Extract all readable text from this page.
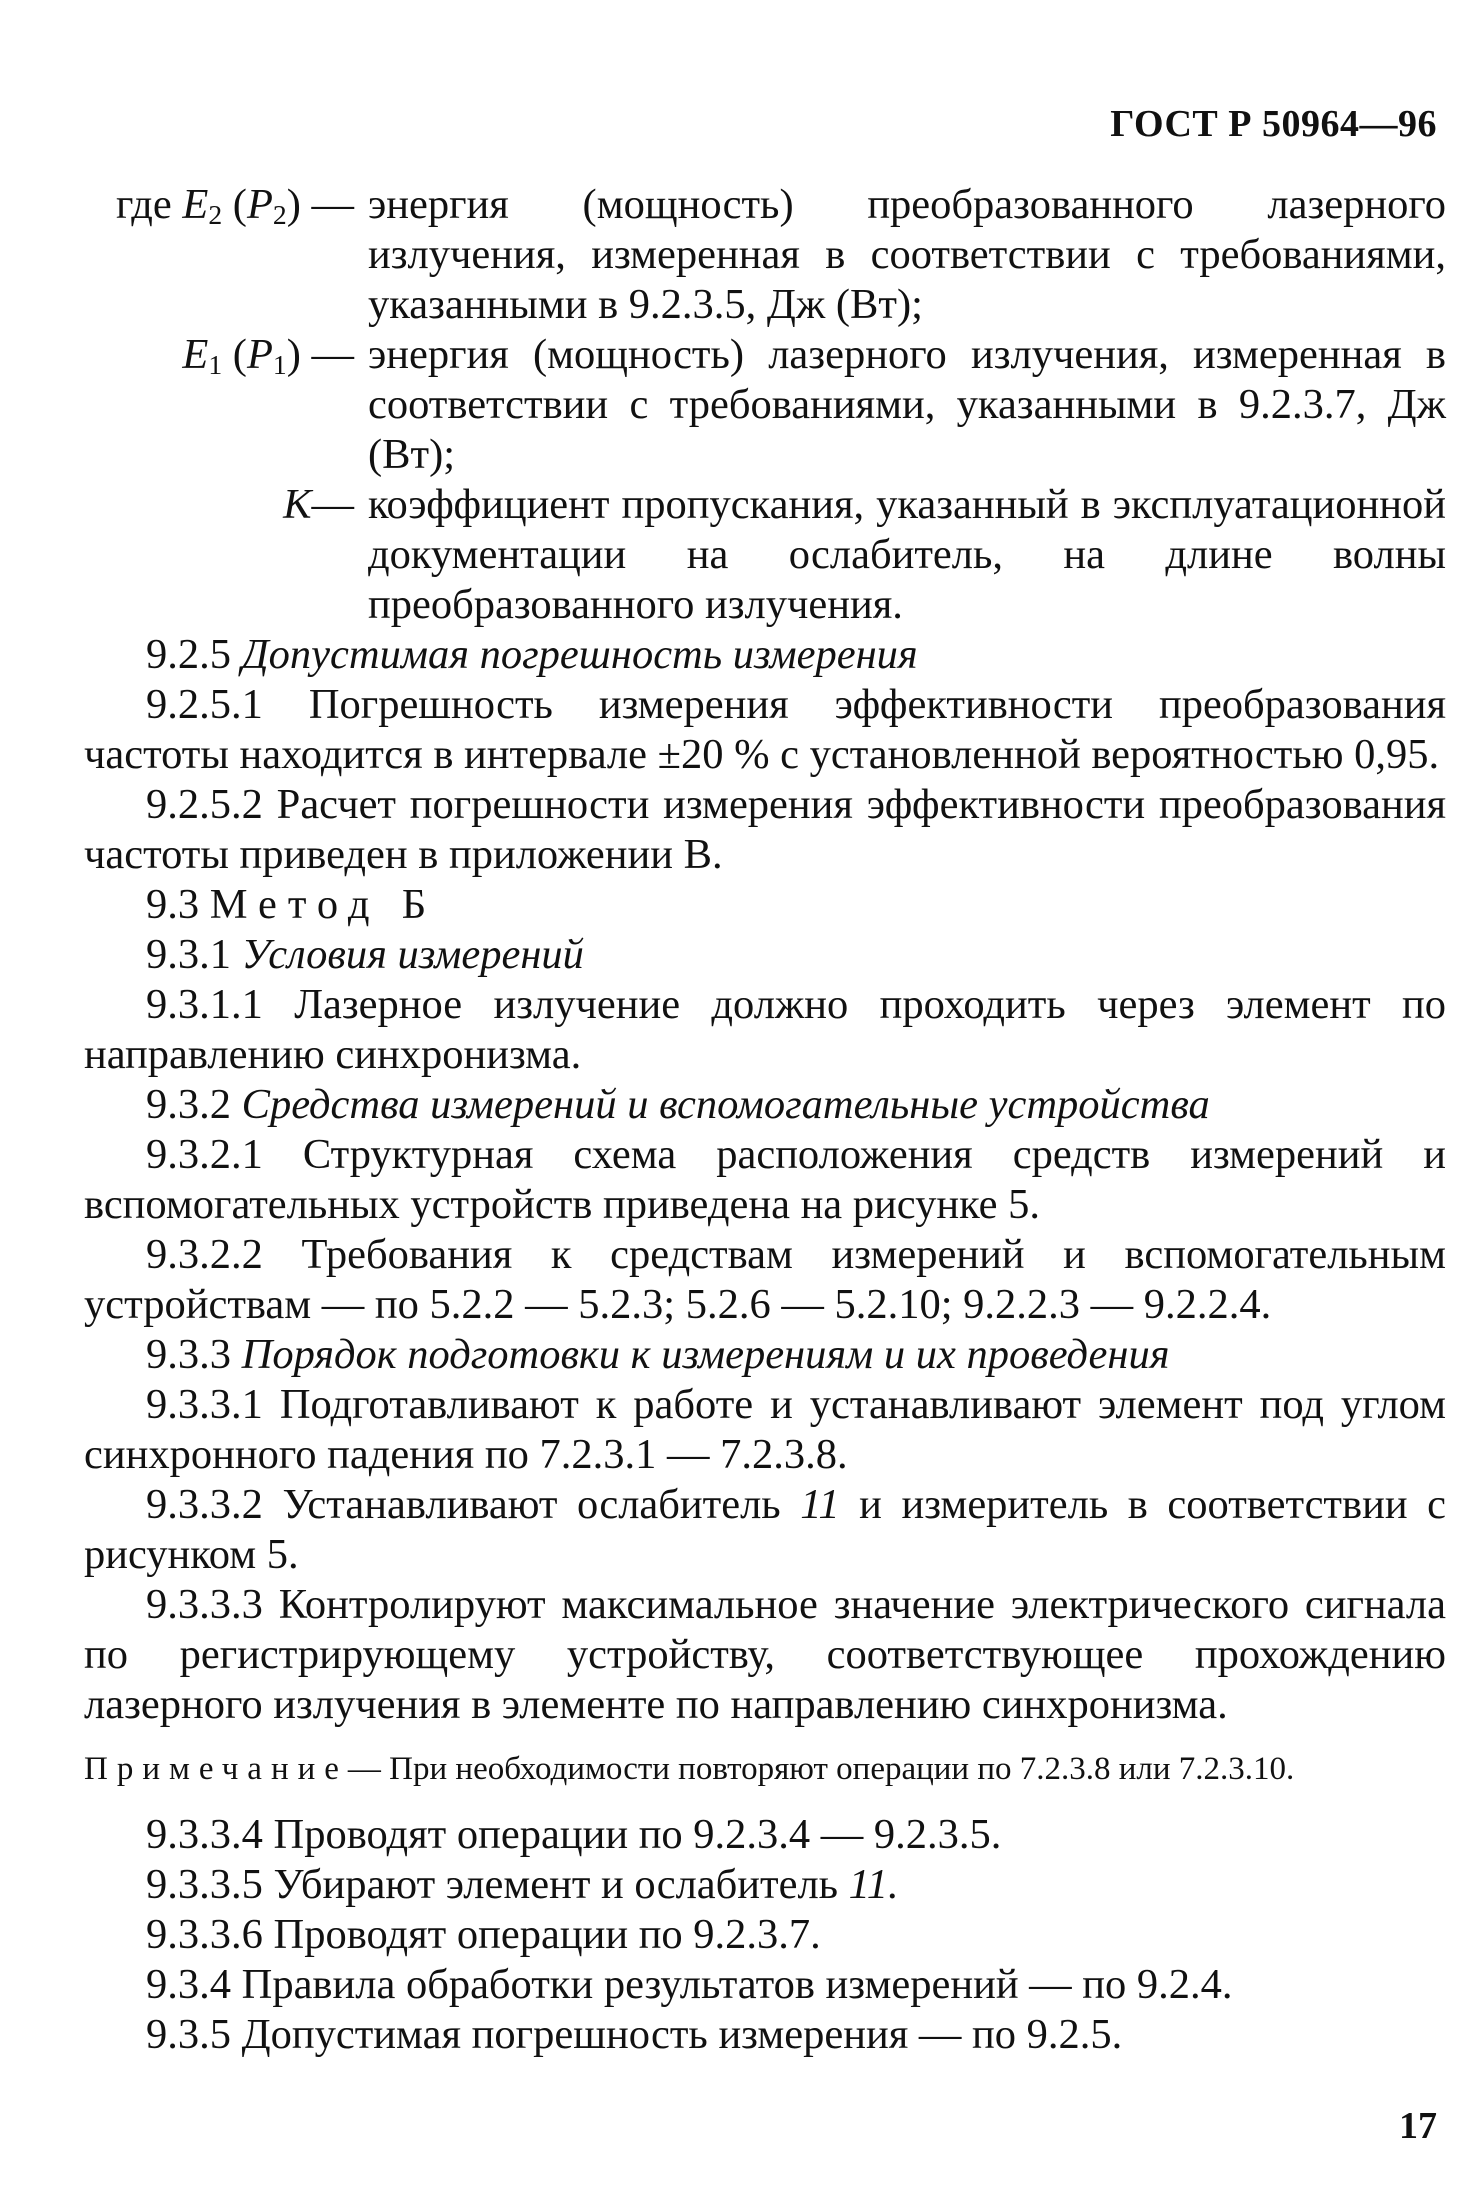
ГОСТ Р 50964—96
где $E_2$ $(P_2)$ —	энергия (мощность) преобразованного лазерного излучения, измеренная в соответствии с требованиями, указанными в 9.2.3.5, Дж (Вт);
$E_1$ $(P_1)$ —	энергия (мощность) лазерного излучения, измеренная в соответствии с требованиями, указанными в 9.2.3.7, Дж (Вт);
K—	коэффициент пропускания, указанный в эксплуатационной документации на ослабитель, на длине волны преобразованного излучения.

9.2.5 Допустимая погрешность измерения

9.2.5.1 Погрешность измерения эффективности преобразования частоты находится в интервале ±20 % с установленной вероятностью 0,95.

9.2.5.2 Расчет погрешности измерения эффективности преобразования частоты приведен в приложении В.

9.3 Метод Б

9.3.1 Условия измерений

9.3.1.1 Лазерное излучение должно проходить через элемент по направлению синхронизма.

9.3.2 Средства измерений и вспомогательные устройства

9.3.2.1 Структурная схема расположения средств измерений и вспомогательных устройств приведена на рисунке 5.

9.3.2.2 Требования к средствам измерений и вспомогательным устройствам — по 5.2.2 — 5.2.3; 5.2.6 — 5.2.10; 9.2.2.3 — 9.2.2.4.

9.3.3 Порядок подготовки к измерениям и их проведения

9.3.3.1 Подготавливают к работе и устанавливают элемент под углом синхронного падения по 7.2.3.1 — 7.2.3.8.

9.3.3.2 Устанавливают ослабитель 11 и измеритель в соответствии с рисунком 5.

9.3.3.3 Контролируют максимальное значение электрического сигнала по регистрирующему устройству, соответствующее прохождению лазерного излучения в элементе по направлению синхронизма.

Примечание— При необходимости повторяют операции по 7.2.3.8 или 7.2.3.10.

9.3.3.4 Проводят операции по 9.2.3.4 — 9.2.3.5.

9.3.3.5 Убирают элемент и ослабитель 11.

9.3.3.6 Проводят операции по 9.2.3.7.

9.3.4 Правила обработки результатов измерений — по 9.2.4.

9.3.5 Допустимая погрешность измерения — по 9.2.5.

17
